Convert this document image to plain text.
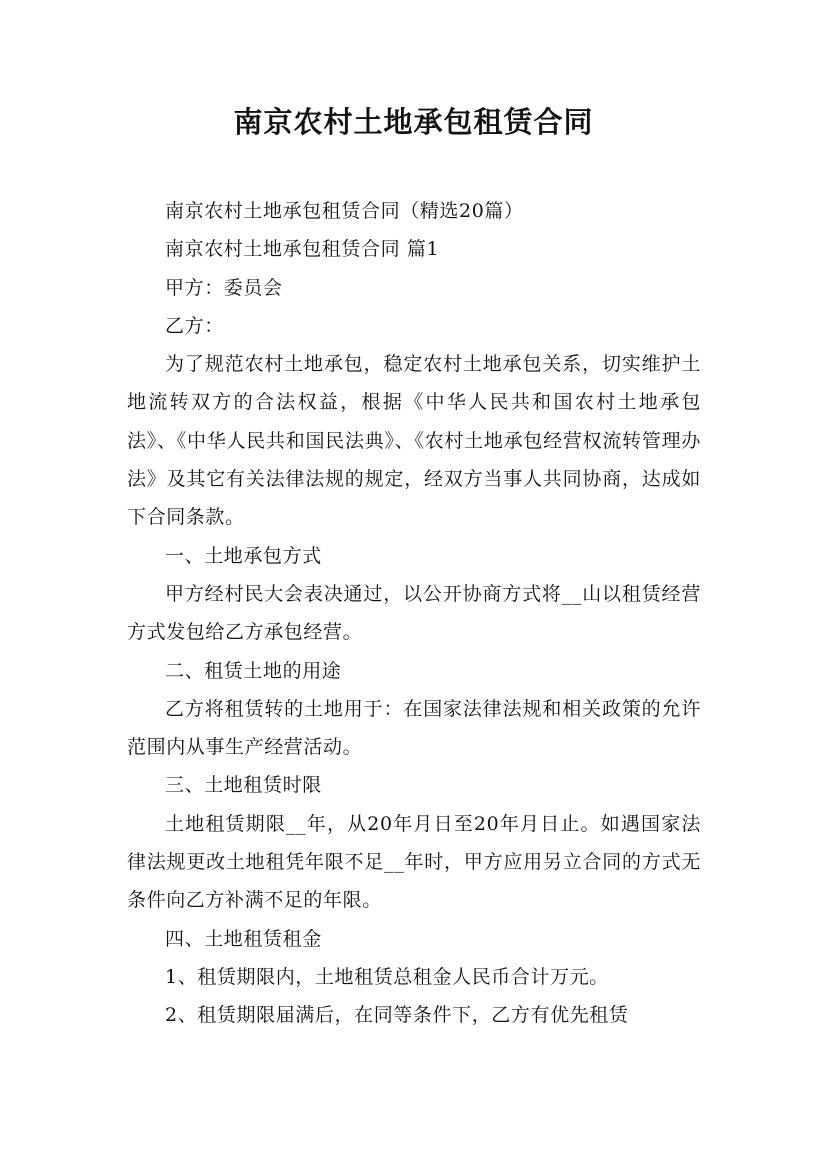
南京农村土地承包租赁合同

南京农村土地承包租赁合同（精选20篇）

南京农村土地承包租赁合同 篇1

甲方：委员会

乙方：

为了规范农村土地承包，稳定农村土地承包关系，切实维护土地流转双方的合法权益，根据《中华人民共和国农村土地承包法》、《中华人民共和国民法典》、《农村土地承包经营权流转管理办法》及其它有关法律法规的规定，经双方当事人共同协商，达成如下合同条款。

一、土地承包方式

甲方经村民大会表决通过，以公开协商方式将__山以租赁经营方式发包给乙方承包经营。

二、租赁土地的用途

乙方将租赁转的土地用于：在国家法律法规和相关政策的允许范围内从事生产经营活动。

三、土地租赁时限

土地租赁期限__年，从20年月日至20年月日止。如遇国家法律法规更改土地租凭年限不足__年时，甲方应用另立合同的方式无条件向乙方补满不足的年限。

四、土地租赁租金

1、租赁期限内，土地租赁总租金人民币合计万元。

2、租赁期限届满后，在同等条件下，乙方有优先租赁
